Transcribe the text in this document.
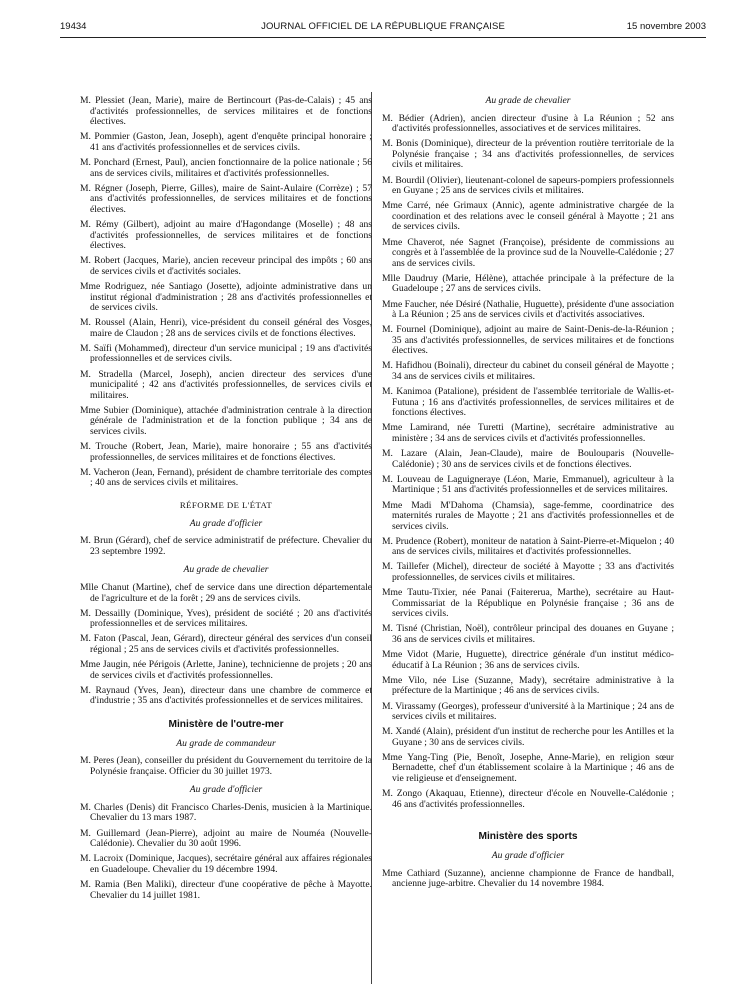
19434	JOURNAL OFFICIEL DE LA RÉPUBLIQUE FRANÇAISE	15 novembre 2003

M. Plessiet (Jean, Marie), maire de Bertincourt (Pas-de-Calais) ; 45 ans d'activités professionnelles, de services militaires et de fonctions électives.

M. Pommier (Gaston, Jean, Joseph), agent d'enquête principal honoraire ; 41 ans d'activités professionnelles et de services civils.

M. Ponchard (Ernest, Paul), ancien fonctionnaire de la police nationale ; 56 ans de services civils, militaires et d'activités professionnelles.

M. Régner (Joseph, Pierre, Gilles), maire de Saint-Aulaire (Corrèze) ; 57 ans d'activités professionnelles, de services militaires et de fonctions électives.

M. Rémy (Gilbert), adjoint au maire d'Hagondange (Moselle) ; 48 ans d'activités professionnelles, de services militaires et de fonctions électives.

M. Robert (Jacques, Marie), ancien receveur principal des impôts ; 60 ans de services civils et d'activités sociales.

Mme Rodriguez, née Santiago (Josette), adjointe administrative dans un institut régional d'administration ; 28 ans d'activités professionnelles et de services civils.

M. Roussel (Alain, Henri), vice-président du conseil général des Vosges, maire de Claudon ; 28 ans de services civils et de fonctions électives.

M. Saïfi (Mohammed), directeur d'un service municipal ; 19 ans d'activités professionnelles et de services civils.

M. Stradella (Marcel, Joseph), ancien directeur des services d'une municipalité ; 42 ans d'activités professionnelles, de services civils et militaires.

Mme Subier (Dominique), attachée d'administration centrale à la direction générale de l'administration et de la fonction publique ; 34 ans de services civils.

M. Trouche (Robert, Jean, Marie), maire honoraire ; 55 ans d'activités professionnelles, de services militaires et de fonctions électives.

M. Vacheron (Jean, Fernand), président de chambre territoriale des comptes ; 40 ans de services civils et militaires.

RÉFORME DE L'ÉTAT
Au grade d'officier

M. Brun (Gérard), chef de service administratif de préfecture. Chevalier du 23 septembre 1992.

Au grade de chevalier

Mlle Chanut (Martine), chef de service dans une direction départementale de l'agriculture et de la forêt ; 29 ans de services civils.

M. Dessailly (Dominique, Yves), président de société ; 20 ans d'activités professionnelles et de services militaires.

M. Faton (Pascal, Jean, Gérard), directeur général des services d'un conseil régional ; 25 ans de services civils et d'activités professionnelles.

Mme Jaugin, née Périgois (Arlette, Janine), technicienne de projets ; 20 ans de services civils et d'activités professionnelles.

M. Raynaud (Yves, Jean), directeur dans une chambre de commerce et d'industrie ; 35 ans d'activités professionnelles et de services militaires.

Ministère de l'outre-mer
Au grade de commandeur

M. Peres (Jean), conseiller du président du Gouvernement du territoire de la Polynésie française. Officier du 30 juillet 1973.

Au grade d'officier

M. Charles (Denis) dit Francisco Charles-Denis, musicien à la Martinique. Chevalier du 13 mars 1987.

M. Guillemard (Jean-Pierre), adjoint au maire de Nouméa (Nouvelle-Calédonie). Chevalier du 30 août 1996.

M. Lacroix (Dominique, Jacques), secrétaire général aux affaires régionales en Guadeloupe. Chevalier du 19 décembre 1994.

M. Ramia (Ben Maliki), directeur d'une coopérative de pêche à Mayotte. Chevalier du 14 juillet 1981.

Au grade de chevalier

M. Bédier (Adrien), ancien directeur d'usine à La Réunion ; 52 ans d'activités professionnelles, associatives et de services militaires.

M. Bonis (Dominique), directeur de la prévention routière territoriale de la Polynésie française ; 34 ans d'activités professionnelles, de services civils et militaires.

M. Bourdil (Olivier), lieutenant-colonel de sapeurs-pompiers professionnels en Guyane ; 25 ans de services civils et militaires.

Mme Carré, née Grimaux (Annic), agente administrative chargée de la coordination et des relations avec le conseil général à Mayotte ; 21 ans de services civils.

Mme Chaverot, née Sagnet (Françoise), présidente de commissions au congrès et à l'assemblée de la province sud de la Nouvelle-Calédonie ; 27 ans de services civils.

Mlle Daudruy (Marie, Hélène), attachée principale à la préfecture de la Guadeloupe ; 27 ans de services civils.

Mme Faucher, née Désiré (Nathalie, Huguette), présidente d'une association à La Réunion ; 25 ans de services civils et d'activités associatives.

M. Fournel (Dominique), adjoint au maire de Saint-Denis-de-la-Réunion ; 35 ans d'activités professionnelles, de services militaires et de fonctions électives.

M. Hafidhou (Boinali), directeur du cabinet du conseil général de Mayotte ; 34 ans de services civils et militaires.

M. Kanimoa (Patalione), président de l'assemblée territoriale de Wallis-et-Futuna ; 16 ans d'activités professionnelles, de services militaires et de fonctions électives.

Mme Lamirand, née Turetti (Martine), secrétaire administrative au ministère ; 34 ans de services civils et d'activités professionnelles.

M. Lazare (Alain, Jean-Claude), maire de Boulouparis (Nouvelle-Calédonie) ; 30 ans de services civils et de fonctions électives.

M. Louveau de Laguigneraye (Léon, Marie, Emmanuel), agriculteur à la Martinique ; 51 ans d'activités professionnelles et de services militaires.

Mme Madi M'Dahoma (Chamsia), sage-femme, coordinatrice des maternités rurales de Mayotte ; 21 ans d'activités professionnelles et de services civils.

M. Prudence (Robert), moniteur de natation à Saint-Pierre-et-Miquelon ; 40 ans de services civils, militaires et d'activités professionnelles.

M. Taillefer (Michel), directeur de société à Mayotte ; 33 ans d'activités professionnelles, de services civils et militaires.

Mme Tautu-Tixier, née Panai (Faitererua, Marthe), secrétaire au Haut-Commissariat de la République en Polynésie française ; 36 ans de services civils.

M. Tisné (Christian, Noël), contrôleur principal des douanes en Guyane ; 36 ans de services civils et militaires.

Mme Vidot (Marie, Huguette), directrice générale d'un institut médico-éducatif à La Réunion ; 36 ans de services civils.

Mme Vilo, née Lise (Suzanne, Mady), secrétaire administrative à la préfecture de la Martinique ; 46 ans de services civils.

M. Virassamy (Georges), professeur d'université à la Martinique ; 24 ans de services civils et militaires.

M. Xandé (Alain), président d'un institut de recherche pour les Antilles et la Guyane ; 30 ans de services civils.

Mme Yang-Ting (Pie, Benoît, Josephe, Anne-Marie), en religion sœur Bernadette, chef d'un établissement scolaire à la Martinique ; 46 ans de vie religieuse et d'enseignement.

M. Zongo (Akaquau, Etienne), directeur d'école en Nouvelle-Calédonie ; 46 ans d'activités professionnelles.

Ministère des sports
Au grade d'officier

Mme Cathiard (Suzanne), ancienne championne de France de handball, ancienne juge-arbitre. Chevalier du 14 novembre 1984.
